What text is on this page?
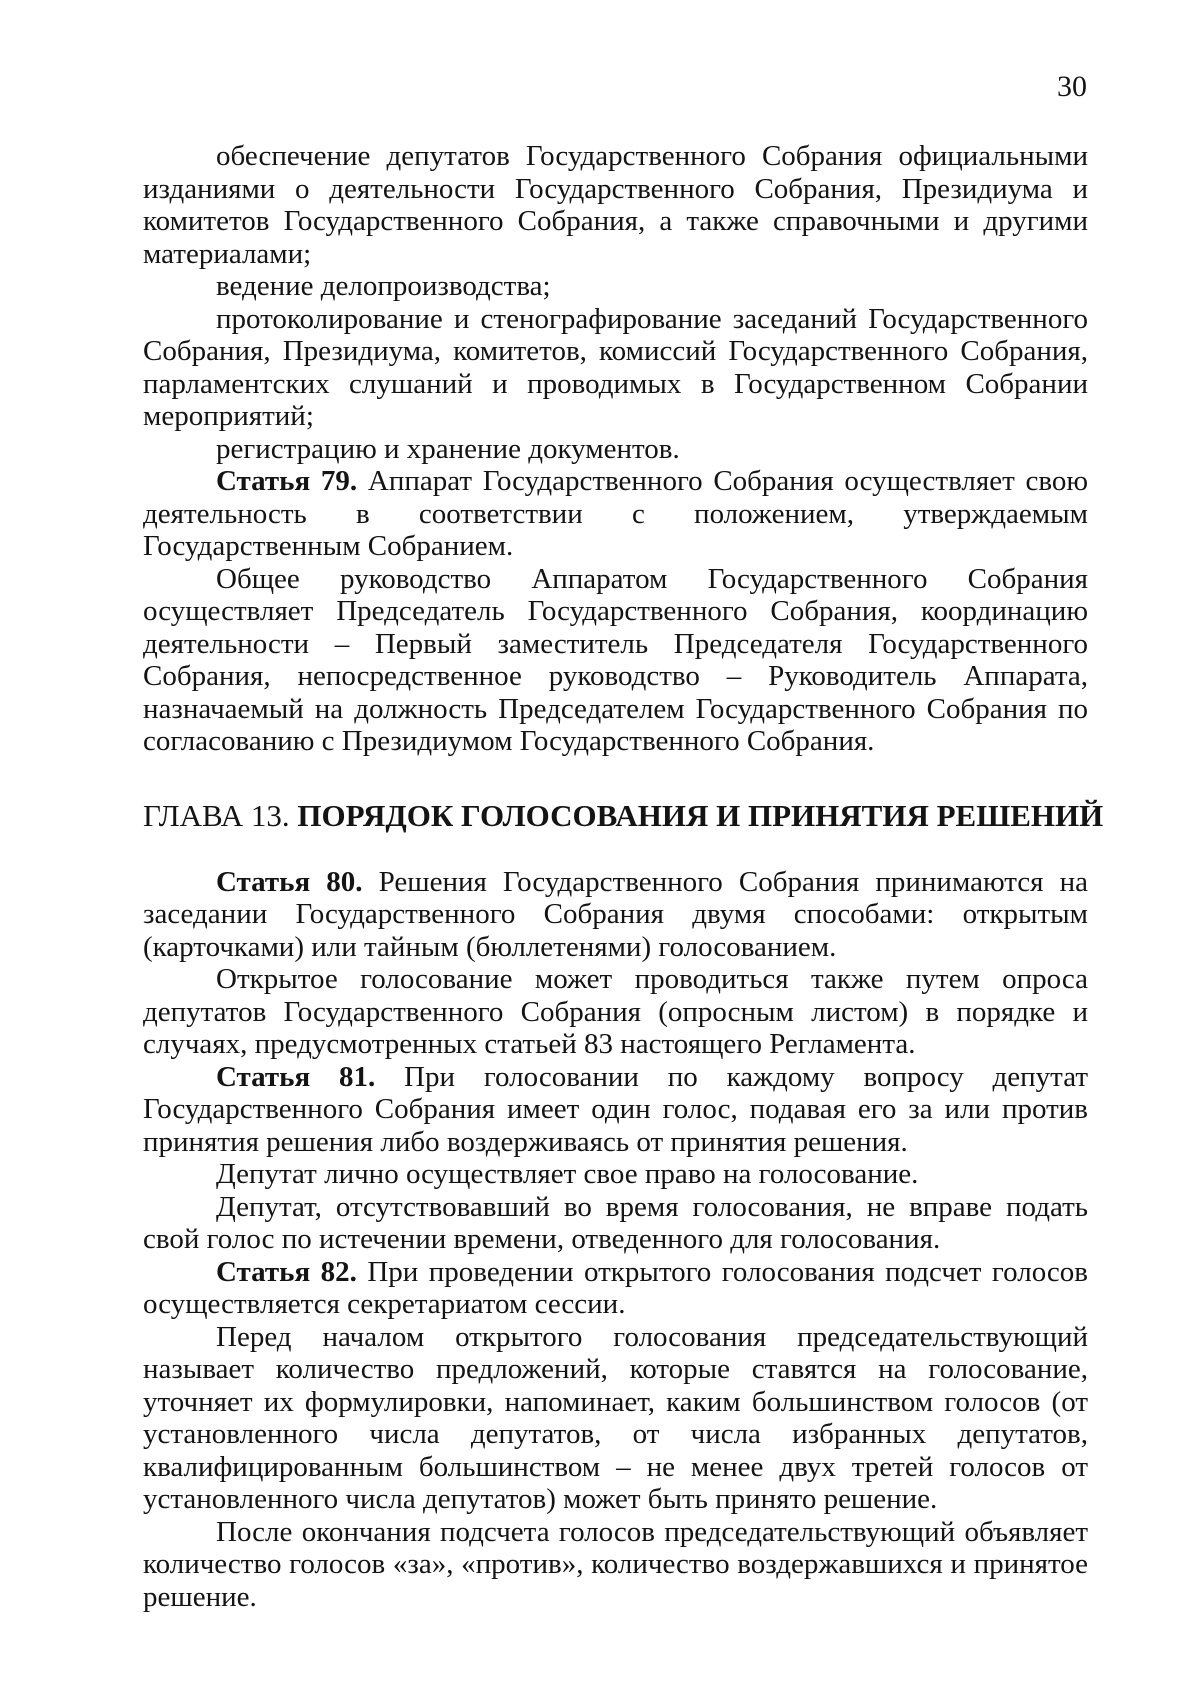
30

обеспечение депутатов Государственного Собрания официальными изданиями о деятельности Государственного Собрания, Президиума и комитетов Государственного Собрания, а также справочными и другими материалами;

ведение делопроизводства;

протоколирование и стенографирование заседаний Государственного Собрания, Президиума, комитетов, комиссий Государственного Собрания, парламентских слушаний и проводимых в Государственном Собрании мероприятий;

регистрацию и хранение документов.

Статья 79. Аппарат Государственного Собрания осуществляет свою деятельность в соответствии с положением, утверждаемым Государственным Собранием.

Общее руководство Аппаратом Государственного Собрания осуществляет Председатель Государственного Собрания, координацию деятельности – Первый заместитель Председателя Государственного Собрания, непосредственное руководство – Руководитель Аппарата, назначаемый на должность Председателем Государственного Собрания по согласованию с Президиумом Государственного Собрания.

ГЛАВА 13. ПОРЯДОК ГОЛОСОВАНИЯ И ПРИНЯТИЯ РЕШЕНИЙ

Статья 80. Решения Государственного Собрания принимаются на заседании Государственного Собрания двумя способами: открытым (карточками) или тайным (бюллетенями) голосованием.

Открытое голосование может проводиться также путем опроса депутатов Государственного Собрания (опросным листом) в порядке и случаях, предусмотренных статьей 83 настоящего Регламента.

Статья 81. При голосовании по каждому вопросу депутат Государственного Собрания имеет один голос, подавая его за или против принятия решения либо воздерживаясь от принятия решения.

Депутат лично осуществляет свое право на голосование.

Депутат, отсутствовавший во время голосования, не вправе подать свой голос по истечении времени, отведенного для голосования.

Статья 82. При проведении открытого голосования подсчет голосов осуществляется секретариатом сессии.

Перед началом открытого голосования председательствующий называет количество предложений, которые ставятся на голосование, уточняет их формулировки, напоминает, каким большинством голосов (от установленного числа депутатов, от числа избранных депутатов, квалифицированным большинством – не менее двух третей голосов от установленного числа депутатов) может быть принято решение.

После окончания подсчета голосов председательствующий объявляет количество голосов «за», «против», количество воздержавшихся и принятое решение.
